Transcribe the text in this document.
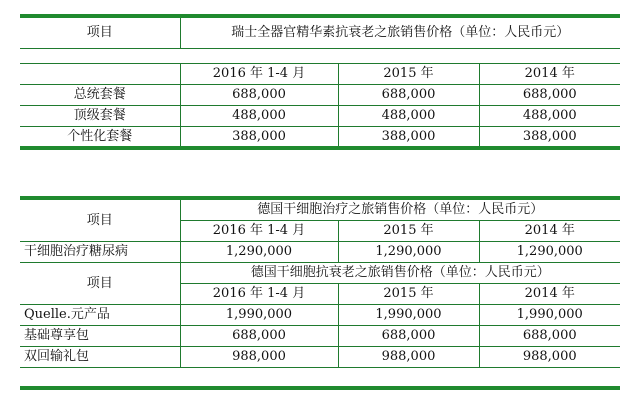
项目	瑞士全器官精华素抗衰老之旅销售价格（单位：人民币元）		

	2016 年 1-4 月	2015 年	2014 年
总统套餐	688,000	688,000	688,000
顶级套餐	488,000	488,000	488,000
个性化套餐	388,000	388,000	388,000
项目	德国干细胞治疗之旅销售价格（单位：人民币元）		
	2016 年 1-4 月	2015 年	2014 年
干细胞治疗糖尿病	1,290,000	1,290,000	1,290,000
项目	德国干细胞抗衰老之旅销售价格（单位：人民币元）		
	2016 年 1-4 月	2015 年	2014 年
Quelle.元产品	1,990,000	1,990,000	1,990,000
基础尊享包	688,000	688,000	688,000
双回输礼包	988,000	988,000	988,000
